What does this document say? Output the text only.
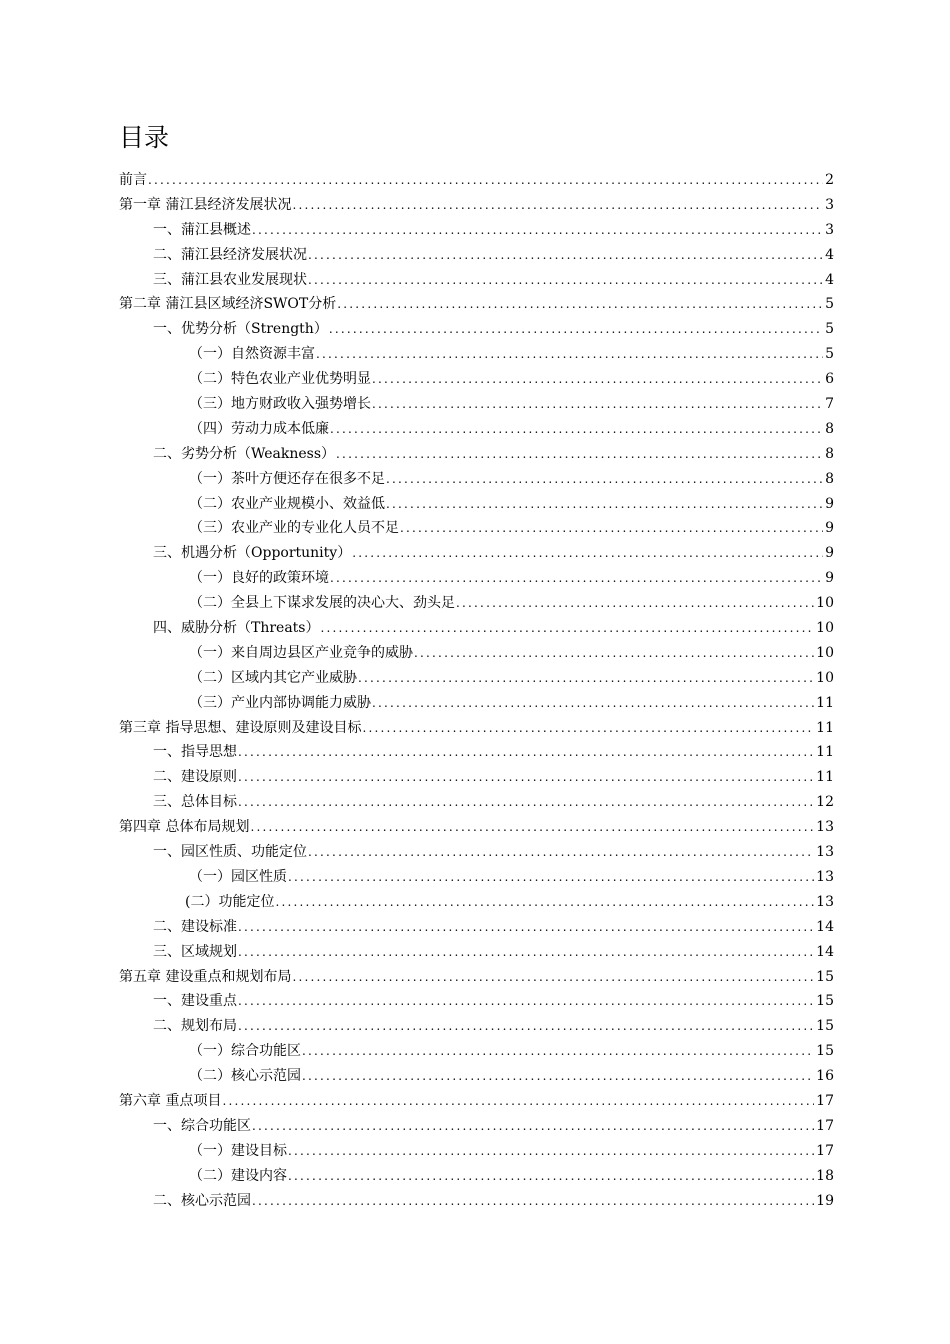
目录
前言 .....	2
第一章 蒲江县经济发展状况 .....	3
一、蒲江县概述 .....	3
二、蒲江县经济发展状况 .....	4
三、蒲江县农业发展现状 .....	4
第二章 蒲江县区域经济SWOT分析 .....	5
一、优势分析（Strength） .....	5
（一）自然资源丰富 .....	5
（二）特色农业产业优势明显 .....	6
（三）地方财政收入强势增长 .....	7
（四）劳动力成本低廉 .....	8
二、劣势分析（Weakness） .....	8
（一）茶叶方便还存在很多不足 .....	8
（二）农业产业规模小、效益低 .....	9
（三）农业产业的专业化人员不足 .....	9
三、机遇分析（Opportunity） .....	9
（一）良好的政策环境 .....	9
（二）全县上下谋求发展的决心大、劲头足 .....	10
四、威胁分析（Threats） .....	10
（一）来自周边县区产业竞争的威胁 .....	10
（二）区域内其它产业威胁 .....	10
（三）产业内部协调能力威胁 .....	11
第三章 指导思想、建设原则及建设目标 .....	11
一、指导思想 .....	11
二、建设原则 .....	11
三、总体目标 .....	12
第四章 总体布局规划 .....	13
一、园区性质、功能定位 .....	13
（一）园区性质 .....	13
(二）功能定位 .....	13
二、建设标准 .....	14
三、区域规划 .....	14
第五章 建设重点和规划布局 .....	15
一、建设重点 .....	15
二、规划布局 .....	15
（一）综合功能区 .....	15
（二）核心示范园 .....	16
第六章 重点项目 .....	17
一、综合功能区 .....	17
（一）建设目标 .....	17
（二）建设内容 .....	18
二、核心示范园 .....	19
